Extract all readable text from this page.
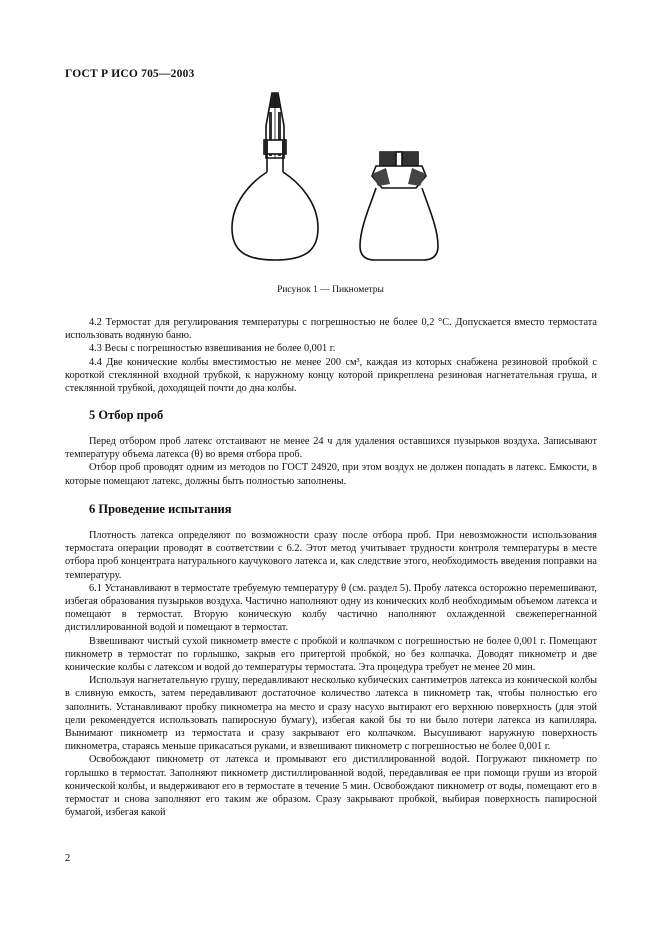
ГОСТ Р ИСО 705—2003
Рисунок 1 — Пикнометры

4.2 Термостат для регулирования температуры с погрешностью не более 0,2 °С. Допускается вместо термостата использовать водяную баню.

4.3 Весы с погрешностью взвешивания не более 0,001 г.

4.4 Две конические колбы вместимостью не менее 200 см³, каждая из которых снабжена резиновой пробкой с короткой стеклянной входной трубкой, к наружному концу которой прикреплена резиновая нагнетательная груша, и стеклянной трубкой, доходящей почти до дна колбы.

5 Отбор проб

Перед отбором проб латекс отстаивают не менее 24 ч для удаления оставшихся пузырьков воздуха. Записывают температуру объема латекса (θ) во время отбора проб.

Отбор проб проводят одним из методов по ГОСТ 24920, при этом воздух не должен попадать в латекс. Емкости, в которые помещают латекс, должны быть полностью заполнены.

6 Проведение испытания

Плотность латекса определяют по возможности сразу после отбора проб. При невозможности использования термостата операции проводят в соответствии с 6.2. Этот метод учитывает трудности контроля температуры в месте отбора проб концентрата натурального каучукового латекса и, как следствие этого, необходимость введения поправки на температуру.

6.1 Устанавливают в термостате требуемую температуру θ (см. раздел 5). Пробу латекса осторожно перемешивают, избегая образования пузырьков воздуха. Частично наполняют одну из конических колб необходимым объемом латекса и помещают в термостат. Вторую коническую колбу частично наполняют охлажденной свежеперегнанной дистиллированной водой и помещают в термостат.

Взвешивают чистый сухой пикнометр вместе с пробкой и колпачком с погрешностью не более 0,001 г. Помещают пикнометр в термостат по горлышко, закрыв его притертой пробкой, но без колпачка. Доводят пикнометр и две конические колбы с латексом и водой до температуры термостата. Эта процедура требует не менее 20 мин.

Используя нагнетательную грушу, передавливают несколько кубических сантиметров латекса из конической колбы в сливную емкость, затем передавливают достаточное количество латекса в пикнометр так, чтобы полностью его заполнить. Устанавливают пробку пикнометра на место и сразу насухо вытирают его верхнюю поверхность (для этой цели рекомендуется использовать папиросную бумагу), избегая какой бы то ни было потери латекса из капилляра. Вынимают пикнометр из термостата и сразу закрывают его колпачком. Высушивают наружную поверхность пикнометра, стараясь меньше прикасаться руками, и взвешивают пикнометр с погрешностью не более 0,001 г.

Освобождают пикнометр от латекса и промывают его дистиллированной водой. Погружают пикнометр по горлышко в термостат. Заполняют пикнометр дистиллированной водой, передавливая ее при помощи груши из второй конической колбы, и выдерживают его в термостате в течение 5 мин. Освобождают пикнометр от воды, помещают его в термостат и снова заполняют его таким же образом. Сразу закрывают пробкой, выбирая поверхность папиросной бумагой, избегая какой

2
